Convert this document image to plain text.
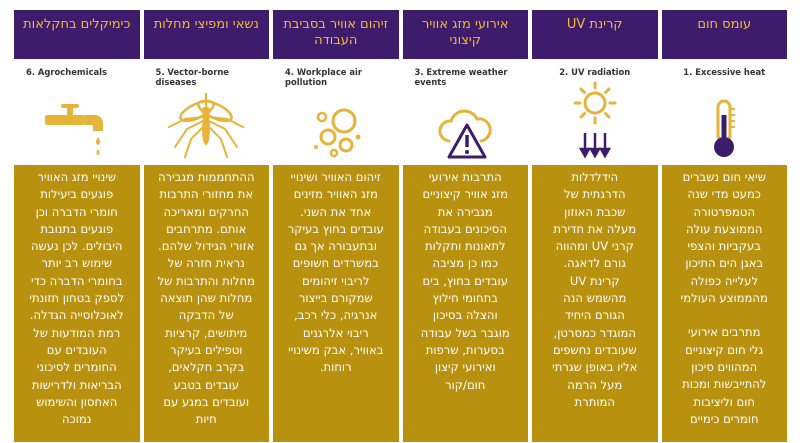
עומס חום
1. Excessive heat
שיאי חום נשברים
כמעט מדי שנה
הטמפרטורה
הממוצעת עולה
בעקביות והצפי
באגן הים התיכון
לעלייה כפולה
מהממוצע העולמי
מתרבים אירועי
גלי חום קיצוניים
המהווים סיכון
להתייבשות ומכות
חום וליציבות
חומרים כימיים
קרינת UV
2. UV radiation
הידלדלות
הדרגתית של
שכבת האוזון
מעלה את חדירת
קרני UV ומהווה
גורם לדאגה.
קרינת UV
מהשמש הנה
הגורם היחיד
המוגדר כמסרטן,
שעובדים נחשפים
אליו באופן שגרתי
מעל הרמה
המותרת
אירועי מזג אוויר קיצוני
3. Extreme weather events
התרבות אירועי
מזג אוויר קיצוניים
מגבירה את
הסיכונים בעבודה
לתאונות ותקלות
כמו כן מציבה
עובדים בחוץ, בים
בתחומי חילוץ
והצלה בסיכון
מוגבר בשל עבודה
בסערות, שרפות
ואירועי קיצון
חום/קור
זיהום אוויר בסביבת העבודה
4. Workplace air pollution
זיהום האוויר ושינויי
מזג האוויר מזינים
אחד את השני.
עובדים בחוץ בעיקר
ובתעבורה אך גם
במשרדים חשופים
לריבוי זיהומים
שמקורם בייצור
אנרגיה, כלי רכב,
ריבוי אלרגנים
באוויר, אבק משינויי
רוחות.
נשאי ומפיצי מחלות
5. Vector-borne diseases
ההתחממות מגבירה
את מחזורי התרבות
החרקים ומאריכה
אותם. מתרחבים
אזורי הגידול שלהם.
נראית חזרה של
מחלות והתרבות של
מחלות שהן תוצאה
של הדבקה
מיתושים, קרציות
וטפילים בעיקר
בקרב חקלאים,
עובדים בטבע
ועובדים במגע עם
חיות
כימיקלים בחקלאות
6. Agrochemicals
שינויי מזג האוויר
פוגעים ביעילות
חומרי הדברה וכן
פוגעים בתנובת
היבולים. לכן נעשה
שימוש רב יותר
בחומרי הדברה כדי
לספק בטחון תזונתי
לאוכלוסייה הגדלה.
רמת המודעות של
העובדים עם
החומרים לסיכוני
הבריאות ולדרישות
האחסון והשימוש
נמוכה
